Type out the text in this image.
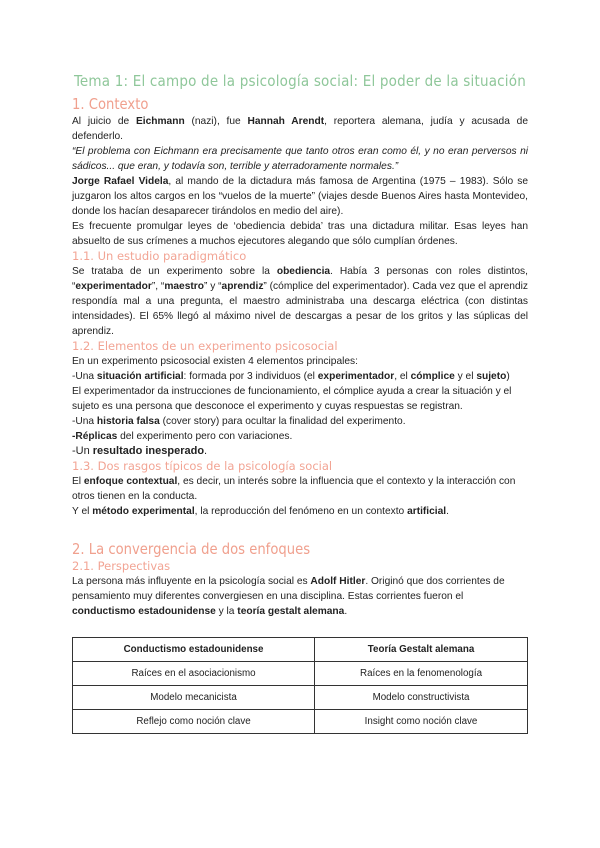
Tema 1: El campo de la psicología social: El poder de la situación
1. Contexto

Al juicio de Eichmann (nazi), fue Hannah Arendt, reportera alemana, judía y acusada de defenderlo.

“El problema con Eichmann era precisamente que tanto otros eran como él, y no eran perversos ni sádicos... que eran, y todavía son, terrible y aterradoramente normales.”

Jorge Rafael Videla, al mando de la dictadura más famosa de Argentina (1975 – 1983). Sólo se juzgaron los altos cargos en los “vuelos de la muerte” (viajes desde Buenos Aires hasta Montevideo, donde los hacían desaparecer tirándolos en medio del aire).

Es frecuente promulgar leyes de ‘obediencia debida’ tras una dictadura militar. Esas leyes han absuelto de sus crímenes a muchos ejecutores alegando que sólo cumplían órdenes.

1.1. Un estudio paradigmático

Se trataba de un experimento sobre la obediencia. Había 3 personas con roles distintos, “experimentador”, “maestro” y “aprendiz” (cómplice del experimentador). Cada vez que el aprendiz respondía mal a una pregunta, el maestro administraba una descarga eléctrica (con distintas intensidades). El 65% llegó al máximo nivel de descargas a pesar de los gritos y las súplicas del aprendiz.

1.2. Elementos de un experimento psicosocial

En un experimento psicosocial existen 4 elementos principales:

-Una situación artificial: formada por 3 individuos (el experimentador, el cómplice y el sujeto)

El experimentador da instrucciones de funcionamiento, el cómplice ayuda a crear la situación y el sujeto es una persona que desconoce el experimento y cuyas respuestas se registran.

-Una historia falsa (cover story) para ocultar la finalidad del experimento.

-Réplicas del experimento pero con variaciones.

-Un resultado inesperado.

1.3. Dos rasgos típicos de la psicología social

El enfoque contextual, es decir, un interés sobre la influencia que el contexto y la interacción con otros tienen en la conducta.

Y el método experimental, la reproducción del fenómeno en un contexto artificial.

2. La convergencia de dos enfoques
2.1. Perspectivas

La persona más influyente en la psicología social es Adolf Hitler. Originó que dos corrientes de pensamiento muy diferentes convergiesen en una disciplina. Estas corrientes fueron el conductismo estadounidense y la teoría gestalt alemana.

Conductismo estadounidense	Teoría Gestalt alemana
Raíces en el asociacionismo	Raíces en la fenomenología
Modelo mecanicista	Modelo constructivista
Reflejo como noción clave	Insight como noción clave
